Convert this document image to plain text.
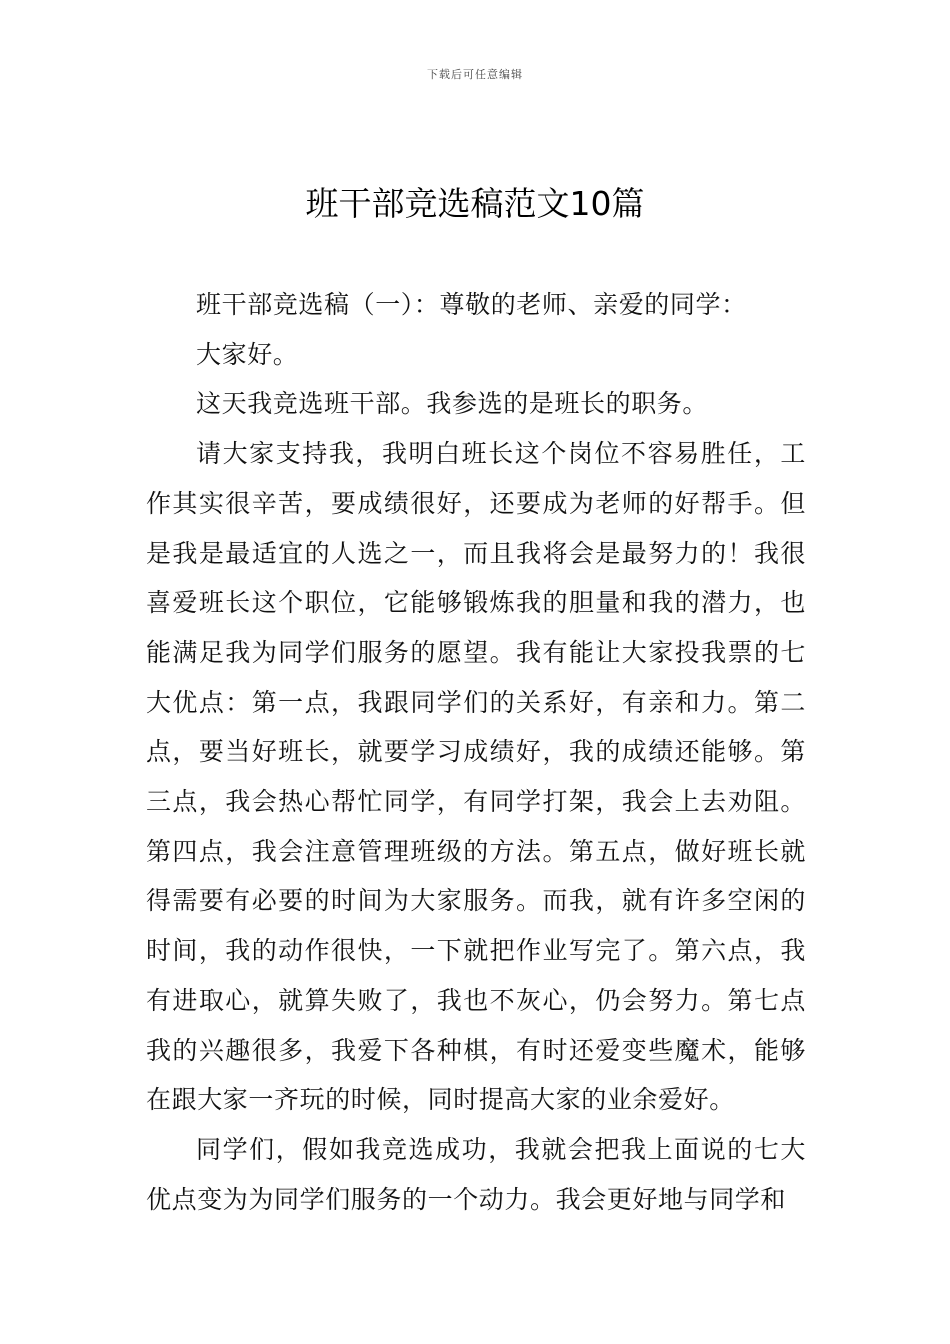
下载后可任意编辑
班干部竞选稿范文10篇

班干部竞选稿（一）：尊敬的老师、亲爱的同学：

大家好。

这天我竞选班干部。我参选的是班长的职务。

请大家支持我，我明白班长这个岗位不容易胜任，工作其实很辛苦，要成绩很好，还要成为老师的好帮手。但是我是最适宜的人选之一，而且我将会是最努力的！我很喜爱班长这个职位，它能够锻炼我的胆量和我的潜力，也能满足我为同学们服务的愿望。我有能让大家投我票的七大优点：第一点，我跟同学们的关系好，有亲和力。第二点，要当好班长，就要学习成绩好，我的成绩还能够。第三点，我会热心帮忙同学，有同学打架，我会上去劝阻。第四点，我会注意管理班级的方法。第五点，做好班长就得需要有必要的时间为大家服务。而我，就有许多空闲的时间，我的动作很快，一下就把作业写完了。第六点，我有进取心，就算失败了，我也不灰心，仍会努力。第七点我的兴趣很多，我爱下各种棋，有时还爱变些魔术，能够在跟大家一齐玩的时候，同时提高大家的业余爱好。

同学们，假如我竞选成功，我就会把我上面说的七大优点变为为同学们服务的一个动力。我会更好地与同学和
